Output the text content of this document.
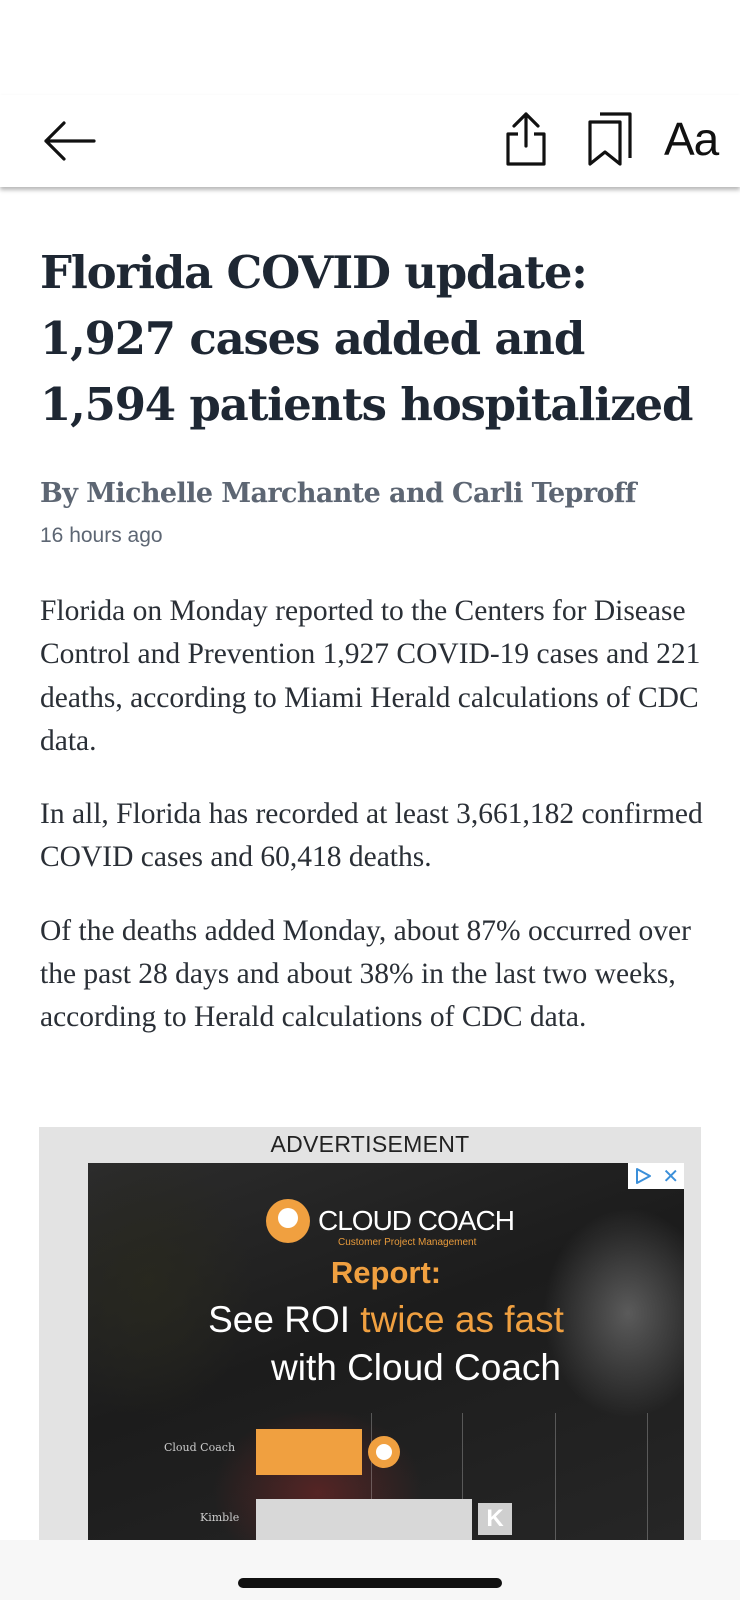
Aa
Florida COVID update: 1,927 cases added and 1,594 patients hospitalized
By Michelle Marchante and Carli Teproff
16 hours ago

Florida on Monday reported to the Centers for Disease Control and Prevention 1,927 COVID-19 cases and 221 deaths, according to Miami Herald calculations of CDC data.

In all, Florida has recorded at least 3,661,182 confirmed COVID cases and 60,418 deaths.

Of the deaths added Monday, about 87% occurred over the past 28 days and about 38% in the last two weeks, according to Herald calculations of CDC data.

ADVERTISEMENT
✕
CLOUD COACH
Customer Project Management
Report:
See ROI twice as fast
with Cloud Coach
Cloud Coach
Kimble	K
